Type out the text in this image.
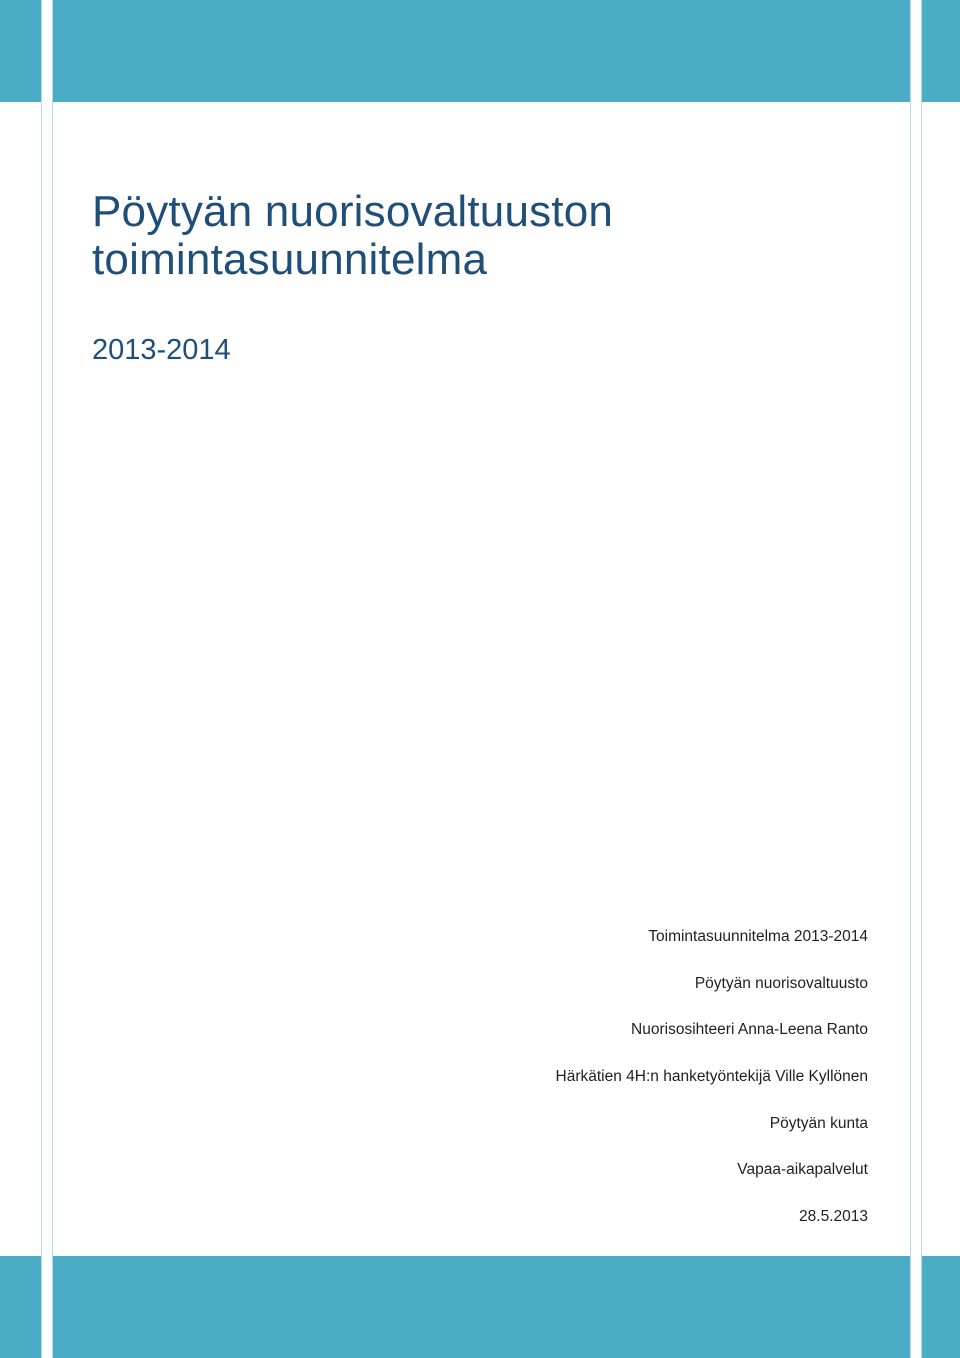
Pöytyän nuorisovaltuuston
toimintasuunnitelma
2013-2014
Toimintasuunnitelma 2013-2014
Pöytyän nuorisovaltuusto
Nuorisosihteeri Anna-Leena Ranto
Härkätien 4H:n hanketyöntekijä Ville Kyllönen
Pöytyän kunta
Vapaa-aikapalvelut
28.5.2013
